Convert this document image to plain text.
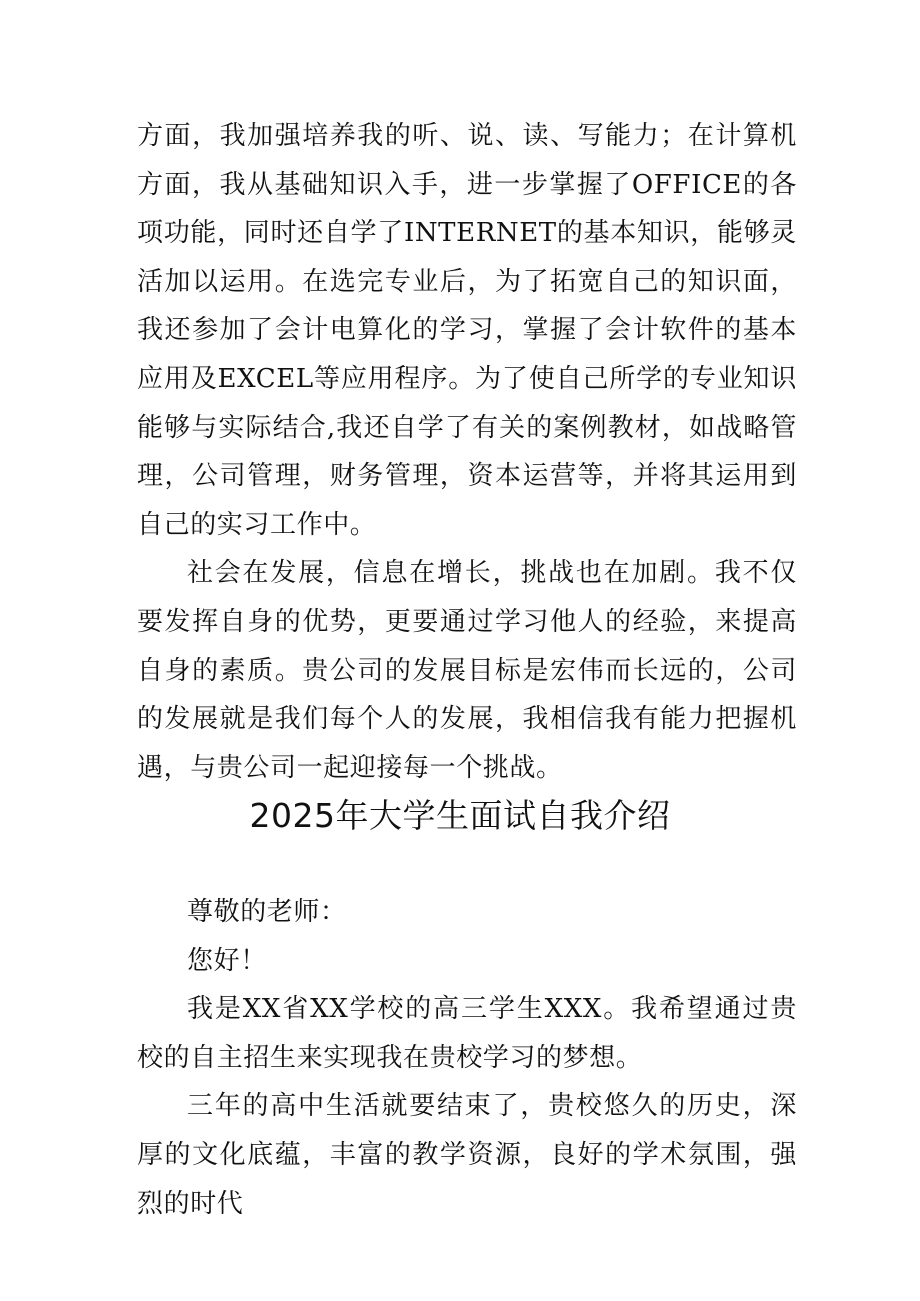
方面，我加强培养我的听、说、读、写能力；在计算机方面，我从基础知识入手，进一步掌握了OFFICE的各项功能，同时还自学了INTERNET的基本知识，能够灵活加以运用。在选完专业后，为了拓宽自己的知识面，我还参加了会计电算化的学习，掌握了会计软件的基本应用及EXCEL等应用程序。为了使自己所学的专业知识能够与实际结合,我还自学了有关的案例教材，如战略管理，公司管理，财务管理，资本运营等，并将其运用到自己的实习工作中。

社会在发展，信息在增长，挑战也在加剧。我不仅要发挥自身的优势，更要通过学习他人的经验，来提高自身的素质。贵公司的发展目标是宏伟而长远的，公司的发展就是我们每个人的发展，我相信我有能力把握机遇，与贵公司一起迎接每一个挑战。

2025年大学生面试自我介绍

尊敬的老师：

您好！

我是XX省XX学校的高三学生XXX。我希望通过贵校的自主招生来实现我在贵校学习的梦想。

三年的高中生活就要结束了，贵校悠久的历史，深厚的文化底蕴，丰富的教学资源，良好的学术氛围，强烈的时代
